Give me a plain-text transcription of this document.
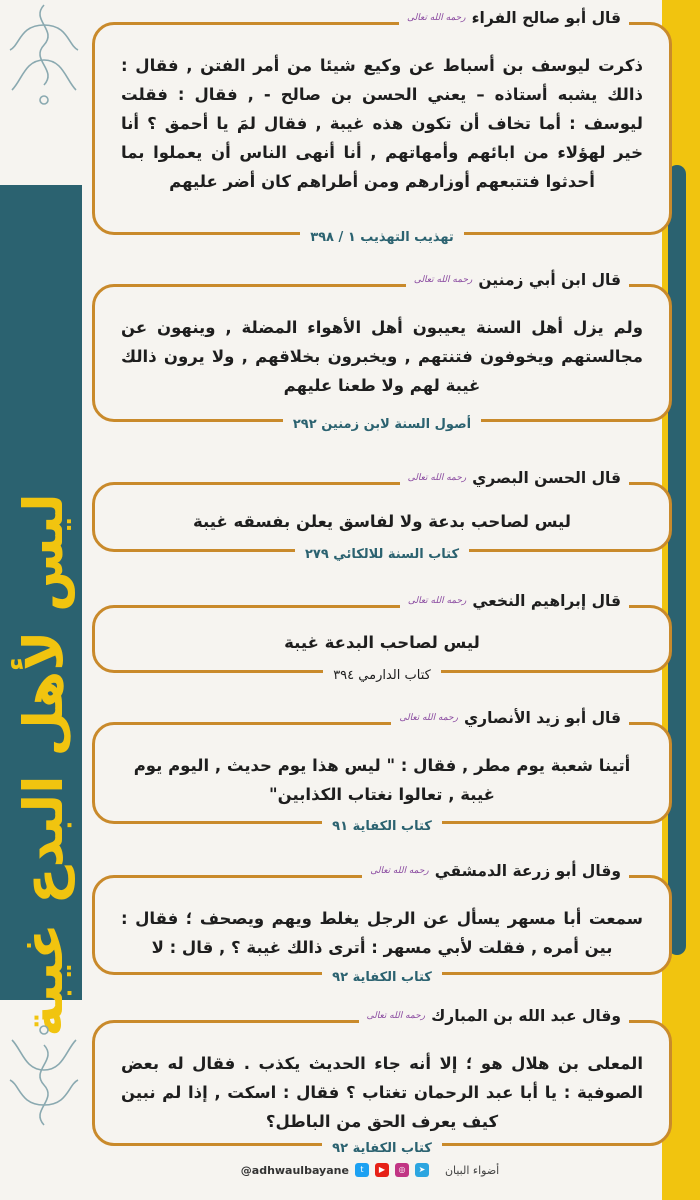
ليس لأهل البدع غيبة
قال أبو صالح الفراء
رحمه الله تعالى
ذكرت ليوسف بن أسباط عن وكيع شيئا من أمر الفتن , فقال : ذالك يشبه أستاذه – يعني الحسن بن صالح - , فقال : فقلت ليوسف : أما تخاف أن تكون هذه غيبة , فقال لمَ يا أحمق ؟ أنا خير لهؤلاء من ابائهم وأمهاتهم , أنا أنهى الناس أن يعملوا بما أحدثوا فتتبعهم أوزارهم ومن أطراهم كان أضر عليهم
تهذيب التهذيب ١ / ٣٩٨
قال ابن أبي زمنين
رحمه الله تعالى
ولم يزل أهل السنة يعيبون أهل الأهواء المضلة , وينهون عن مجالستهم ويخوفون فتنتهم , ويخبرون بخلاقهم , ولا يرون ذالك غيبة لهم ولا طعنا عليهم
أصول السنة لابن زمنين ٢٩٢
قال الحسن البصري
رحمه الله تعالى
ليس لصاحب بدعة ولا لفاسق يعلن بفسقه غيبة
كتاب السنة للالكائي ٢٧٩
قال إبراهيم النخعي
رحمه الله تعالى
ليس لصاحب البدعة غيبة
كتاب الدارمي ٣٩٤
قال أبو زيد الأنصاري
رحمه الله تعالى
أتينا شعبة يوم مطر , فقال : " ليس هذا يوم حديث , اليوم يوم غيبة , تعالوا نغتاب الكذابين"
كتاب الكفاية ٩١
وقال أبو زرعة الدمشقي
رحمه الله تعالى
سمعت أبا مسهر يسأل عن الرجل يغلط ويهم ويصحف ؛ فقال : بين أمره , فقلت لأبي مسهر : أترى ذالك غيبة ؟ , قال : لا
كتاب الكفاية ٩٢
وقال عبد الله بن المبارك
رحمه الله تعالى
المعلى بن هلال هو ؛ إلا أنه جاء الحديث يكذب . فقال له بعض الصوفية : يا أبا عبد الرحمان تغتاب ؟ فقال : اسكت , إذا لم نبين كيف يعرف الحق من الباطل؟
كتاب الكفاية ٩٢
@adhwaulbayane	t	▶	◎	➤	أضواء البيان
